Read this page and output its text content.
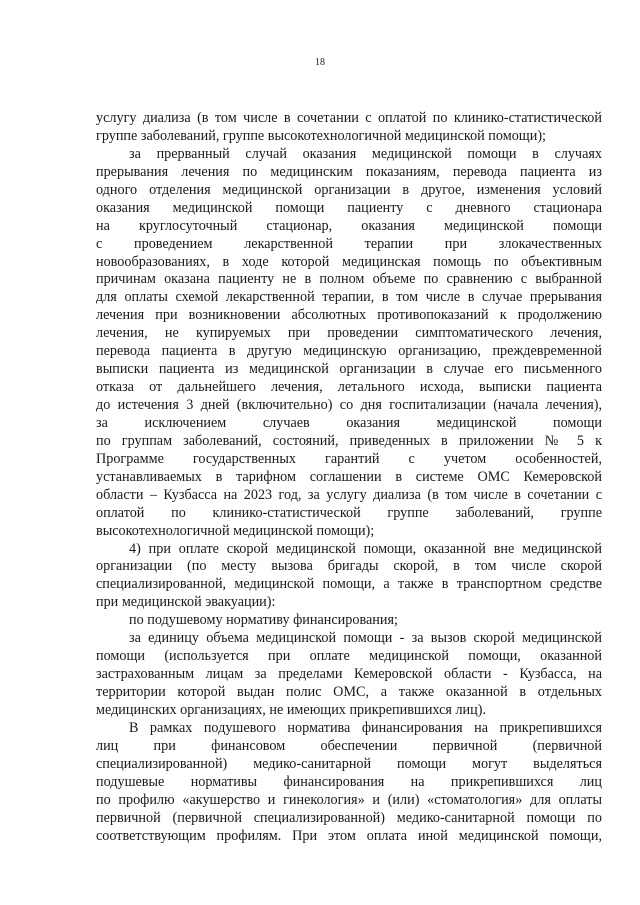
18
услугу диализа (в том числе в сочетании с оплатой по клинико-статистической
группе заболеваний, группе высокотехнологичной медицинской помощи);
за прерванный случай оказания медицинской помощи в случаях
прерывания лечения по медицинским показаниям, перевода пациента из
одного отделения медицинской организации в другое, изменения условий
оказания медицинской помощи пациенту с дневного стационара
на круглосуточный стационар, оказания медицинской помощи
с проведением лекарственной терапии при злокачественных
новообразованиях, в ходе которой медицинская помощь по объективным
причинам оказана пациенту не в полном объеме по сравнению с выбранной
для оплаты схемой лекарственной терапии, в том числе в случае прерывания
лечения при возникновении абсолютных противопоказаний к продолжению
лечения, не купируемых при проведении симптоматического лечения,
перевода пациента в другую медицинскую организацию, преждевременной
выписки пациента из медицинской организации в случае его письменного
отказа от дальнейшего лечения, летального исхода, выписки пациента
до истечения 3 дней (включительно) со дня госпитализации (начала лечения),
за исключением случаев оказания медицинской помощи
по группам заболеваний, состояний, приведенных в приложении № 5 к
Программе государственных гарантий с учетом особенностей,
устанавливаемых в тарифном соглашении в системе ОМС Кемеровской
области – Кузбасса на 2023 год, за услугу диализа (в том числе в сочетании с
оплатой по клинико-статистической группе заболеваний, группе
высокотехнологичной медицинской помощи);
4) при оплате скорой медицинской помощи, оказанной вне медицинской
организации (по месту вызова бригады скорой, в том числе скорой
специализированной, медицинской помощи, а также в транспортном средстве
при медицинской эвакуации):
по подушевому нормативу финансирования;
за единицу объема медицинской помощи - за вызов скорой медицинской
помощи (используется при оплате медицинской помощи, оказанной
застрахованным лицам за пределами Кемеровской области - Кузбасса, на
территории которой выдан полис ОМС, а также оказанной в отдельных
медицинских организациях, не имеющих прикрепившихся лиц).
В рамках подушевого норматива финансирования на прикрепившихся
лиц при финансовом обеспечении первичной (первичной
специализированной) медико-санитарной помощи могут выделяться
подушевые нормативы финансирования на прикрепившихся лиц
по профилю «акушерство и гинекология» и (или) «стоматология» для оплаты
первичной (первичной специализированной) медико-санитарной помощи по
соответствующим профилям. При этом оплата иной медицинской помощи,
